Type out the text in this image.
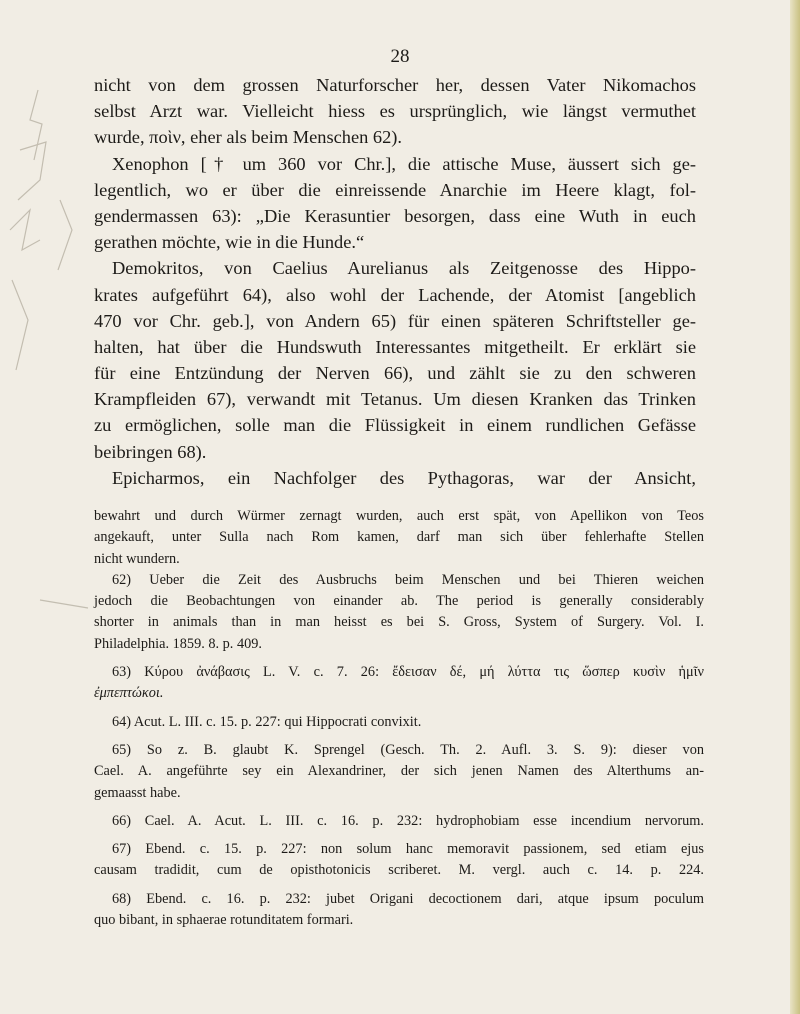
28
nicht von dem grossen Naturforscher her, dessen Vater Nikomachos
selbst Arzt war. Vielleicht hiess es ursprünglich, wie längst vermuthet
wurde, ποὶν, eher als beim Menschen 62).
Xenophon [† um 360 vor Chr.], die attische Muse, äussert sich ge-
legentlich, wo er über die einreissende Anarchie im Heere klagt, fol-
gendermassen 63): „Die Kerasuntier besorgen, dass eine Wuth in euch
gerathen möchte, wie in die Hunde.“
Demokritos, von Caelius Aurelianus als Zeitgenosse des Hippo-
krates aufgeführt 64), also wohl der Lachende, der Atomist [angeblich
470 vor Chr. geb.], von Andern 65) für einen späteren Schriftsteller ge-
halten, hat über die Hundswuth Interessantes mitgetheilt. Er erklärt sie
für eine Entzündung der Nerven 66), und zählt sie zu den schweren
Krampfleiden 67), verwandt mit Tetanus. Um diesen Kranken das Trinken
zu ermöglichen, solle man die Flüssigkeit in einem rundlichen Gefässe
beibringen 68).
Epicharmos, ein Nachfolger des Pythagoras, war der Ansicht,
bewahrt und durch Würmer zernagt wurden, auch erst spät, von Apellikon von Teos
angekauft, unter Sulla nach Rom kamen, darf man sich über fehlerhafte Stellen
nicht wundern.
62) Ueber die Zeit des Ausbruchs beim Menschen und bei Thieren weichen
jedoch die Beobachtungen von einander ab. The period is generally considerably
shorter in animals than in man heisst es bei S. Gross, System of Surgery. Vol. I.
Philadelphia. 1859. 8. p. 409.
63) Κύρου ἀνάβασις L. V. c. 7. 26: ἔδεισαν δέ, μή λύττα τις ὥσπερ κυσὶν ἡμῖν
ἐμπεπτώκοι.
64) Acut. L. III. c. 15. p. 227: qui Hippocrati convixit.
65) So z. B. glaubt K. Sprengel (Gesch. Th. 2. Aufl. 3. S. 9): dieser von
Cael. A. angeführte sey ein Alexandriner, der sich jenen Namen des Alterthums an-
gemaasst habe.
66) Cael. A. Acut. L. III. c. 16. p. 232: hydrophobiam esse incendium nervorum.
67) Ebend. c. 15. p. 227: non solum hanc memoravit passionem, sed etiam ejus
causam tradidit, cum de opisthotonicis scriberet. M. vergl. auch c. 14. p. 224.
68) Ebend. c. 16. p. 232: jubet Origani decoctionem dari, atque ipsum poculum
quo bibant, in sphaerae rotunditatem formari.
